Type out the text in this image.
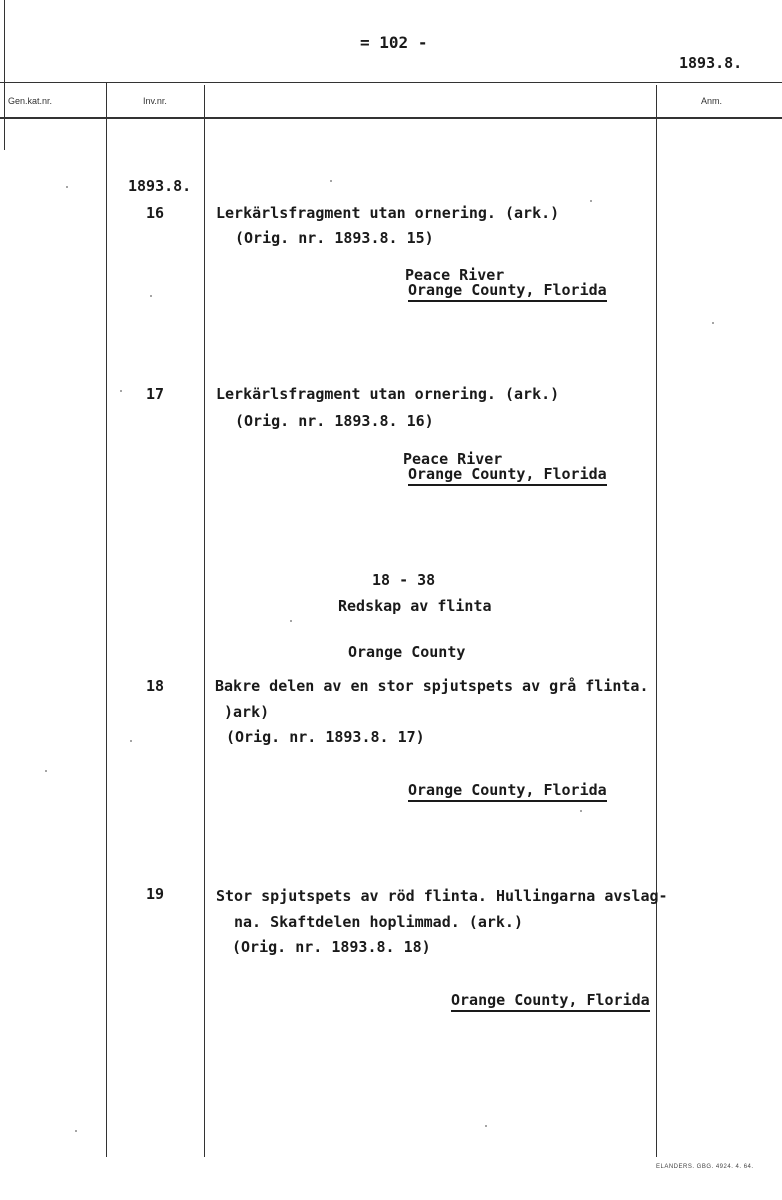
= 102 -
1893.8.
Gen.kat.nr.	Inv.nr.	Anm.
1893.8.
16	Lerkärlsfragment utan ornering. (ark.)
(Orig. nr. 1893.8. 15)
Peace River
Orange County, Florida
17	Lerkärlsfragment utan ornering. (ark.)
(Orig. nr. 1893.8. 16)
Peace River
Orange County, Florida
18 - 38
Redskap av flinta
Orange County
18	Bakre delen av en stor spjutspets av grå flinta.
)ark)
(Orig. nr. 1893.8. 17)
Orange County, Florida
19	Stor spjutspets av röd flinta. Hullingarna avslag-
na. Skaftdelen hoplimmad. (ark.)
(Orig. nr. 1893.8. 18)
Orange County, Florida
ELANDERS. GBG. 4924. 4. 64.
